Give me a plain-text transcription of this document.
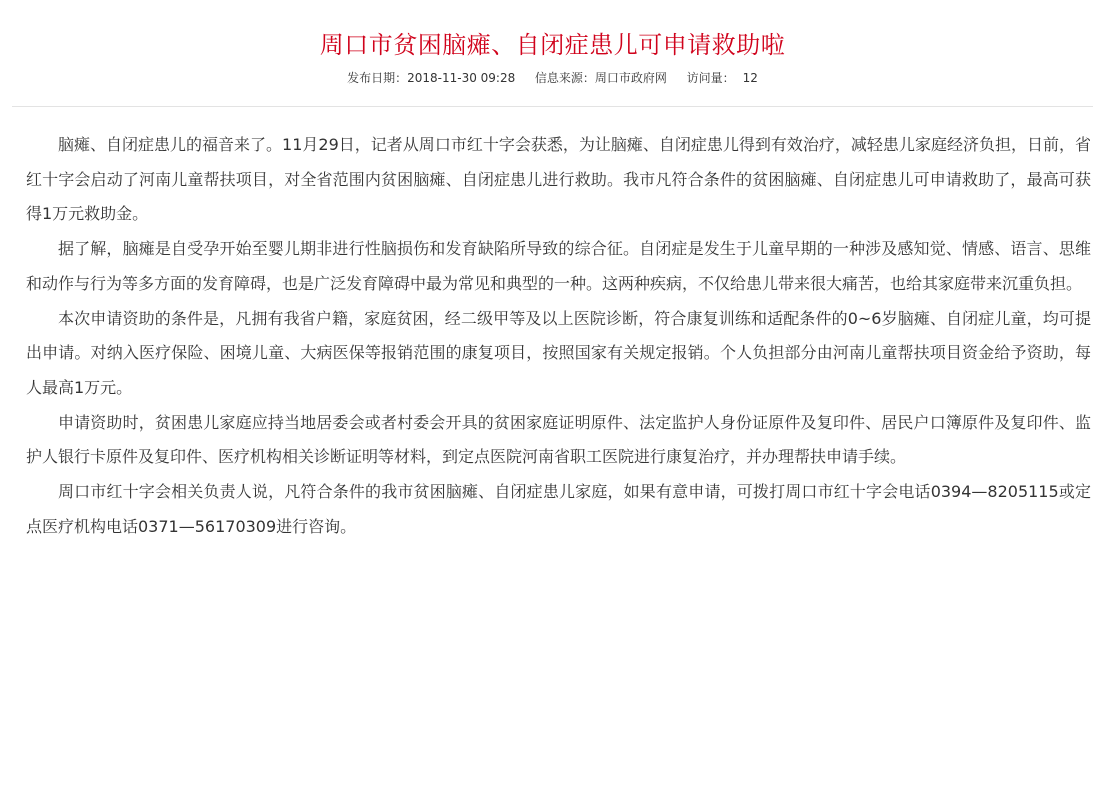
周口市贫困脑瘫、自闭症患儿可申请救助啦
发布日期：2018-11-30 09:28 信息来源：周口市政府网 访问量： 12

脑瘫、自闭症患儿的福音来了。11月29日，记者从周口市红十字会获悉，为让脑瘫、自闭症患儿得到有效治疗，减轻患儿家庭经济负担，日前，省红十字会启动了河南儿童帮扶项目，对全省范围内贫困脑瘫、自闭症患儿进行救助。我市凡符合条件的贫困脑瘫、自闭症患儿可申请救助了，最高可获得1万元救助金。

据了解，脑瘫是自受孕开始至婴儿期非进行性脑损伤和发育缺陷所导致的综合征。自闭症是发生于儿童早期的一种涉及感知觉、情感、语言、思维和动作与行为等多方面的发育障碍，也是广泛发育障碍中最为常见和典型的一种。这两种疾病，不仅给患儿带来很大痛苦，也给其家庭带来沉重负担。

本次申请资助的条件是，凡拥有我省户籍，家庭贫困，经二级甲等及以上医院诊断，符合康复训练和适配条件的0~6岁脑瘫、自闭症儿童，均可提出申请。对纳入医疗保险、困境儿童、大病医保等报销范围的康复项目，按照国家有关规定报销。个人负担部分由河南儿童帮扶项目资金给予资助，每人最高1万元。

申请资助时，贫困患儿家庭应持当地居委会或者村委会开具的贫困家庭证明原件、法定监护人身份证原件及复印件、居民户口簿原件及复印件、监护人银行卡原件及复印件、医疗机构相关诊断证明等材料，到定点医院河南省职工医院进行康复治疗，并办理帮扶申请手续。

周口市红十字会相关负责人说，凡符合条件的我市贫困脑瘫、自闭症患儿家庭，如果有意申请，可拨打周口市红十字会电话0394—8205115或定点医疗机构电话0371—56170309进行咨询。
